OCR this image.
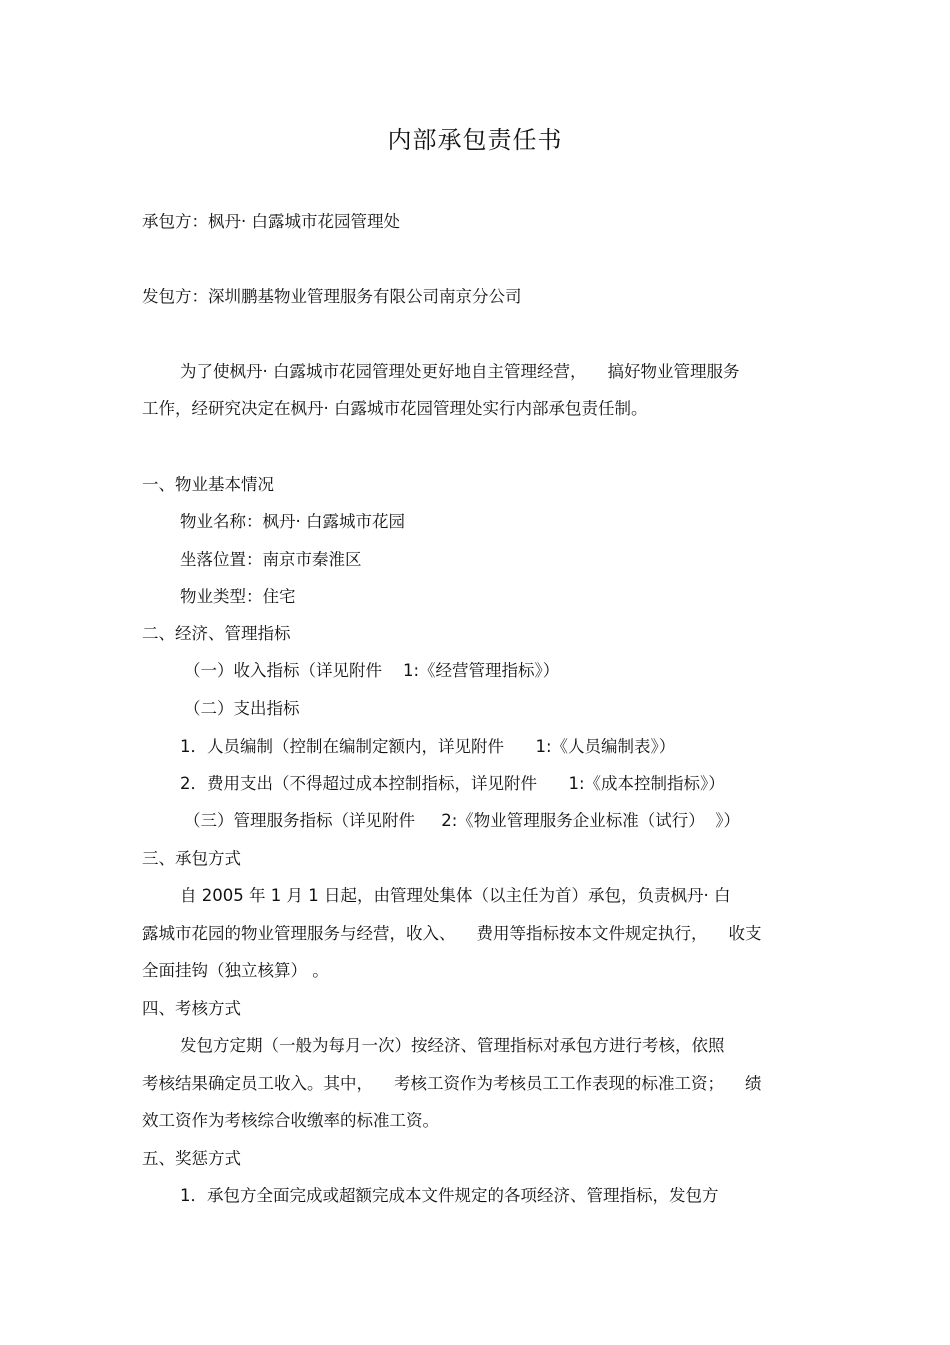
内部承包责任书
承包方：枫丹· 白露城市花园管理处
发包方：深圳鹏基物业管理服务有限公司南京分公司
为了使枫丹· 白露城市花园管理处更好地自主管理经营，    搞好物业管理服务
工作，经研究决定在枫丹· 白露城市花园管理处实行内部承包责任制。
一、物业基本情况
物业名称：枫丹· 白露城市花园
坐落位置：南京市秦淮区
物业类型：住宅
二、经济、管理指标
（一）收入指标（详见附件    1:《经营管理指标》）
（二）支出指标
1．人员编制（控制在编制定额内，详见附件      1:《人员编制表》）
2．费用支出（不得超过成本控制指标，详见附件      1:《成本控制指标》）
（三）管理服务指标（详见附件     2:《物业管理服务企业标准（试行）  》）
三、承包方式
自 2005 年 1 月 1 日起，由管理处集体（以主任为首）承包，负责枫丹· 白
露城市花园的物业管理服务与经营，收入、    费用等指标按本文件规定执行，    收支
全面挂钩（独立核算） 。
四、考核方式
发包方定期（一般为每月一次）按经济、管理指标对承包方进行考核，依照
考核结果确定员工收入。其中，    考核工资作为考核员工工作表现的标准工资；    绩
效工资作为考核综合收缴率的标准工资。
五、奖惩方式
1．承包方全面完成或超额完成本文件规定的各项经济、管理指标，发包方
